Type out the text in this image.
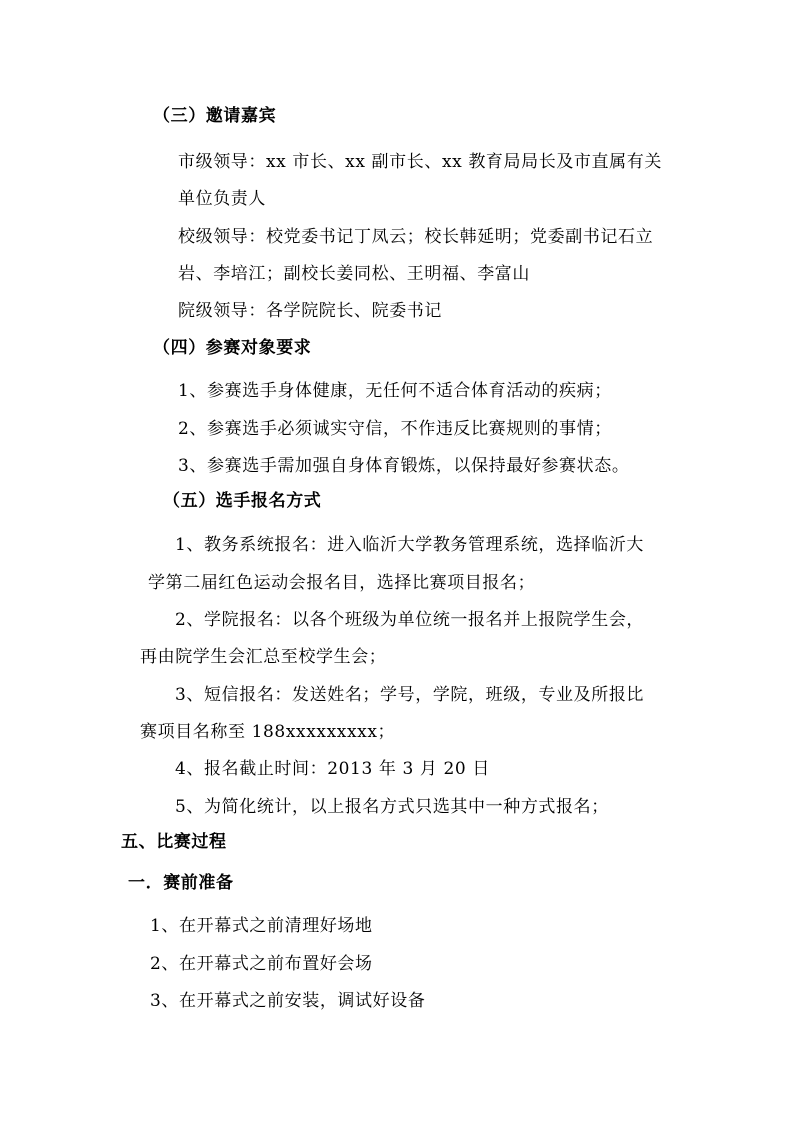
（三）邀请嘉宾
市级领导：xx 市长、xx 副市长、xx 教育局局长及市直属有关
单位负责人
校级领导：校党委书记丁凤云；校长韩延明；党委副书记石立
岩、李培江；副校长姜同松、王明福、李富山
院级领导：各学院院长、院委书记
（四）参赛对象要求
1、参赛选手身体健康，无任何不适合体育活动的疾病；
2、参赛选手必须诚实守信，不作违反比赛规则的事情；
3、参赛选手需加强自身体育锻炼，以保持最好参赛状态。
（五）选手报名方式
1、教务系统报名：进入临沂大学教务管理系统，选择临沂大
学第二届红色运动会报名目，选择比赛项目报名；
2、学院报名：以各个班级为单位统一报名并上报院学生会，
再由院学生会汇总至校学生会；
3、短信报名：发送姓名；学号，学院，班级，专业及所报比
赛项目名称至 188xxxxxxxxx；
4、报名截止时间：2013 年 3 月 20 日
5、为简化统计，以上报名方式只选其中一种方式报名；
五、比赛过程
一．赛前准备
1、在开幕式之前清理好场地
2、在开幕式之前布置好会场
3、在开幕式之前安装，调试好设备
